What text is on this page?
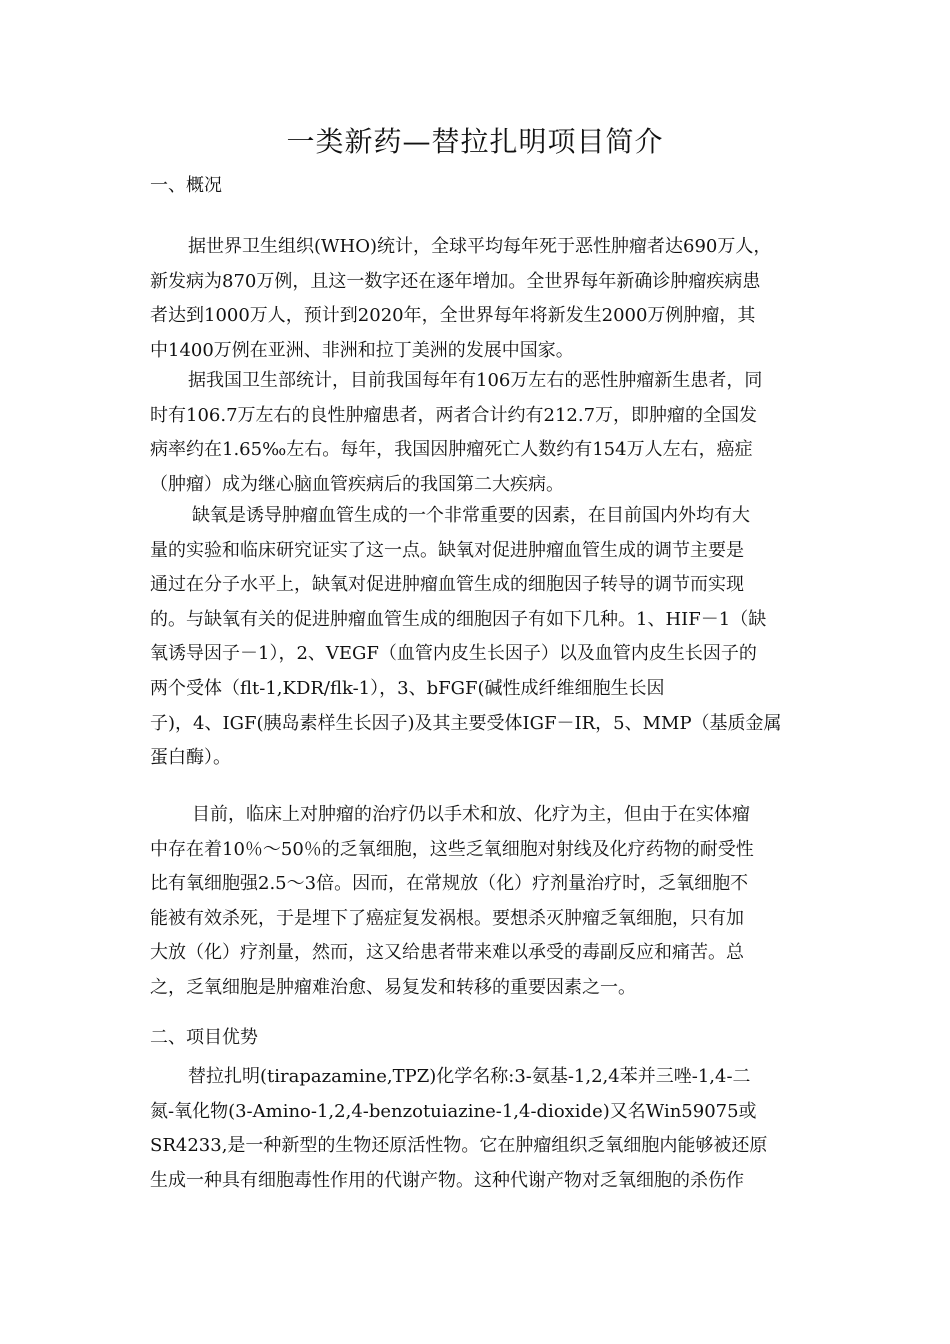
一类新药—替拉扎明项目简介
一、概况
据世界卫生组织(WHO)统计，全球平均每年死于恶性肿瘤者达690万人，
新发病为870万例，且这一数字还在逐年增加。全世界每年新确诊肿瘤疾病患
者达到1000万人，预计到2020年，全世界每年将新发生2000万例肿瘤，其
中1400万例在亚洲、非洲和拉丁美洲的发展中国家。
据我国卫生部统计，目前我国每年有106万左右的恶性肿瘤新生患者，同
时有106.7万左右的良性肿瘤患者，两者合计约有212.7万，即肿瘤的全国发
病率约在1.65‰左右。每年，我国因肿瘤死亡人数约有154万人左右，癌症
（肿瘤）成为继心脑血管疾病后的我国第二大疾病。
缺氧是诱导肿瘤血管生成的一个非常重要的因素，在目前国内外均有大
量的实验和临床研究证实了这一点。缺氧对促进肿瘤血管生成的调节主要是
通过在分子水平上，缺氧对促进肿瘤血管生成的细胞因子转导的调节而实现
的。与缺氧有关的促进肿瘤血管生成的细胞因子有如下几种。1、HIF－1（缺
氧诱导因子－1），2、VEGF（血管内皮生长因子）以及血管内皮生长因子的
两个受体（flt-1,KDR/flk-1），3、bFGF(碱性成纤维细胞生长因
子)，4、IGF(胰岛素样生长因子)及其主要受体IGF－IR，5、MMP（基质金属
蛋白酶）。
目前，临床上对肿瘤的治疗仍以手术和放、化疗为主，但由于在实体瘤
中存在着10％～50％的乏氧细胞，这些乏氧细胞对射线及化疗药物的耐受性
比有氧细胞强2.5～3倍。因而，在常规放（化）疗剂量治疗时，乏氧细胞不
能被有效杀死，于是埋下了癌症复发祸根。要想杀灭肿瘤乏氧细胞，只有加
大放（化）疗剂量，然而，这又给患者带来难以承受的毒副反应和痛苦。总
之，乏氧细胞是肿瘤难治愈、易复发和转移的重要因素之一。
二、项目优势
替拉扎明(tirapazamine,TPZ)化学名称:3-氨基-1,2,4苯并三唑-1,4-二
氮-氧化物(3-Amino-1,2,4-benzotuiazine-1,4-dioxide)又名Win59075或
SR4233,是一种新型的生物还原活性物。它在肿瘤组织乏氧细胞内能够被还原
生成一种具有细胞毒性作用的代谢产物。这种代谢产物对乏氧细胞的杀伤作
